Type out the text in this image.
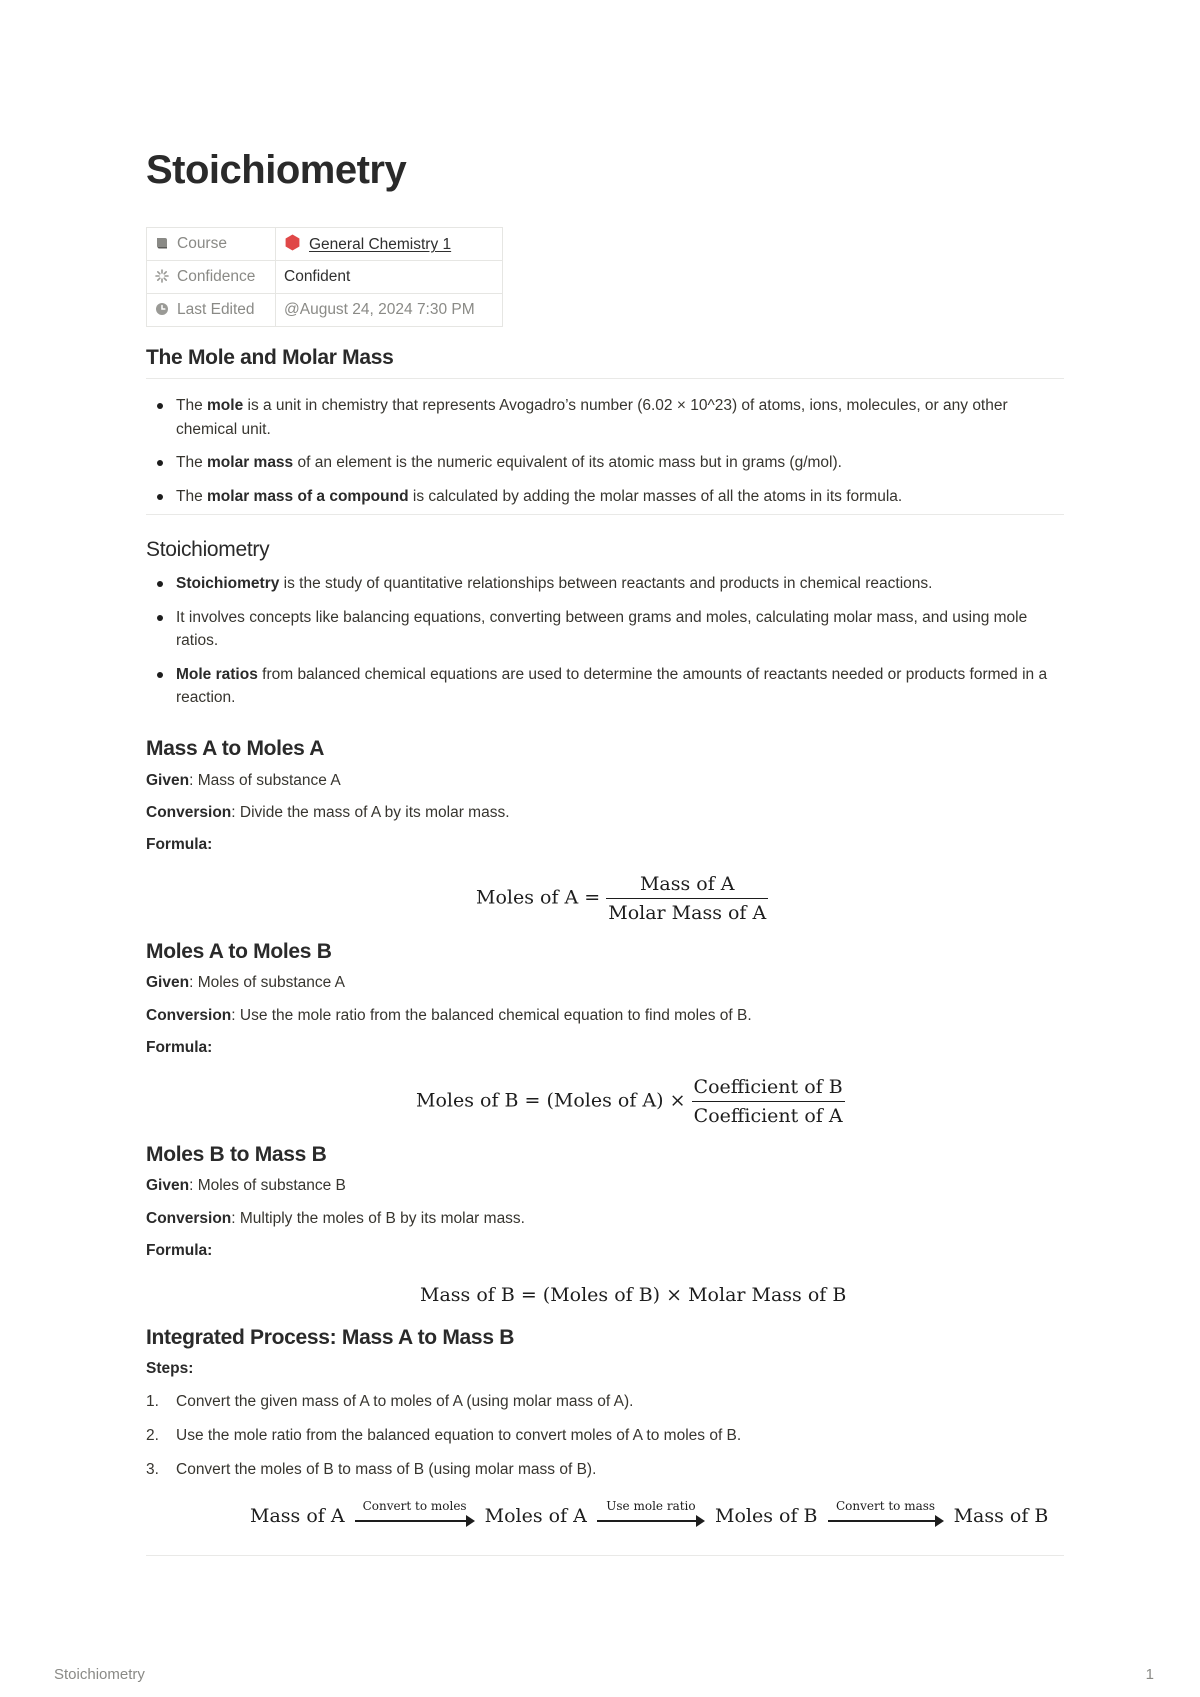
Stoichiometry
Course	General Chemistry 1
Confidence	Confident
Last Edited	@August 24, 2024 7:30 PM
The Mole and Molar Mass
The mole is a unit in chemistry that represents Avogadro’s number (6.02 × 10^23) of atoms, ions, molecules, or any other chemical unit.
The molar mass of an element is the numeric equivalent of its atomic mass but in grams (g/mol).
The molar mass of a compound is calculated by adding the molar masses of all the atoms in its formula.
Stoichiometry
Stoichiometry is the study of quantitative relationships between reactants and products in chemical reactions.
It involves concepts like balancing equations, converting between grams and moles, calculating molar mass, and using mole ratios.
Mole ratios from balanced chemical equations are used to determine the amounts of reactants needed or products formed in a reaction.
Mass A to Moles A

Given: Mass of substance A

Conversion: Divide the mass of A by its molar mass.

Formula:

Moles of $A = \frac{\text{Mass of A}}{\text{Molar Mass of A}}$
Moles A to Moles B

Given: Moles of substance A

Conversion: Use the mole ratio from the balanced chemical equation to find moles of B.

Formula:

Moles of B = (Moles of $A) \times \frac{\text{Coefficient of B}}{\text{Coefficient of A}}$
Moles B to Mass B

Given: Moles of substance B

Conversion: Multiply the moles of B by its molar mass.

Formula:

Mass of B = (Moles of B) × Molar Mass of B
Integrated Process: Mass A to Mass B

Steps:

1. Convert the given mass of A to moles of A (using molar mass of A).
2. Use the mole ratio from the balanced equation to convert moles of A to moles of B.
3. Convert the moles of B to mass of B (using molar mass of B).
Mass of A	Convert to moles Moles of A	Use mole ratio	Moles of B	Convert to mass Mass of B
Stoichiometry	1
